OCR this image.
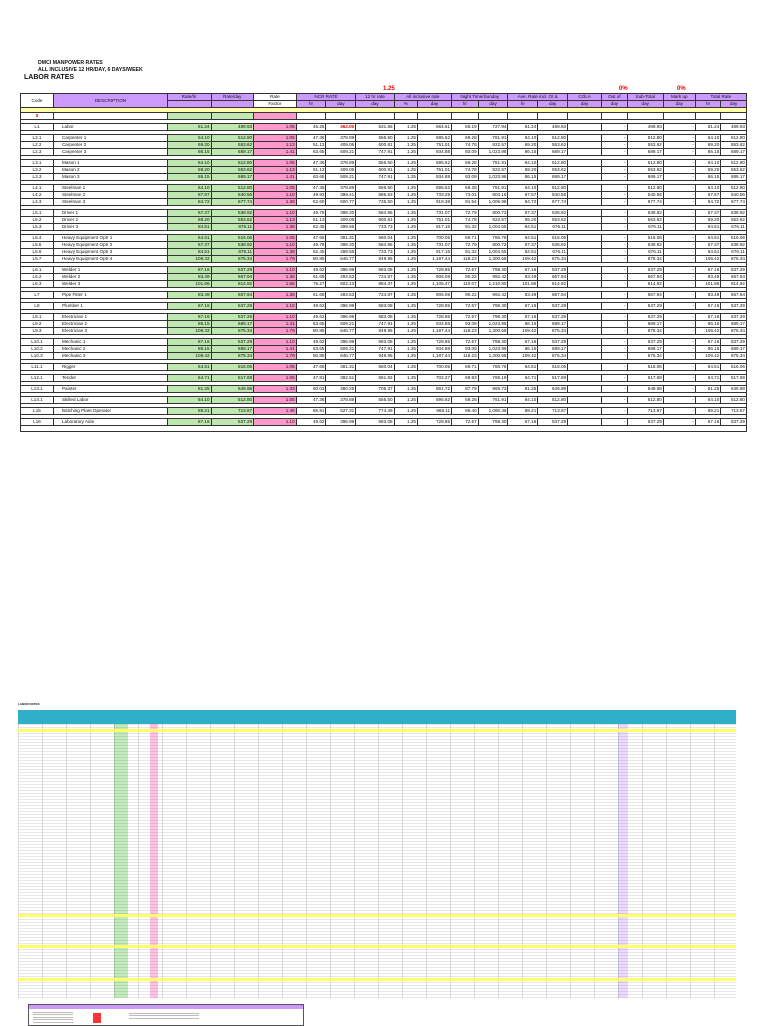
DMCI MANPOWER RATES
ALL INCLUSIVE 12 HR/DAY, 6 DAYS/WEEK
LABOR RATES
1.25	0%	0%
Code	DESCRIPTION	Rate/hr	Rate/day	Rate	NCR RATE		12 hr rate	All inclusive rate		Night Time/Sunday		Ave. Rate incl. Ot &		COLA	Out of	Sub-Total	Mark up	Total Rate	
				Factor	hr	day	day	%	day	hr	day	hr	day	day	day	day	day	hr	day

0																			

L1	Labor	61.24	489.93	1.05	45.25	362.00	531.68	1.25	664.61	66.19	727.94	61.24	489.93		-	489.93	-	61.24	489.93

L2.1	Carpenter 1	64.10	512.80	1.05	47.36	378.89	556.50	1.25	695.62	69.28	761.91	64.10	512.80		-	512.80	-	64.10	512.80
L2.2	Carpenter 2	69.20	553.62	1.13	51.13	409.06	600.81	1.25	751.01	74.78	822.57	69.20	553.62		-	553.62	-	69.20	553.62
L2.3	Carpenter 3	86.15	689.17	1.41	63.65	509.21	747.91	1.25	934.88	93.09	1,023.96	86.15	689.17		-	689.17	-	86.15	689.17

L3.1	Mason 1	64.10	512.80	1.05	47.36	378.89	556.50	1.25	695.62	69.28	761.91	64.10	512.80		-	512.80	-	64.10	512.80
L3.2	Mason 2	69.20	553.62	1.13	51.13	409.06	600.81	1.25	751.01	74.78	822.57	69.20	553.62		-	553.62	-	69.20	553.62
L3.3	Mason 3	86.15	689.17	1.41	63.65	509.21	747.91	1.25	934.88	93.09	1,023.96	86.15	689.17		-	689.17	-	86.15	689.17

L4.1	Steelman 1	64.10	512.80	1.05	47.36	378.89	556.50	1.25	695.62	69.28	761.91	64.10	512.80		-	512.80	-	64.10	512.80
L4.2	Steelman 2	67.57	540.56	1.10	49.93	399.41	586.63	1.25	733.29	73.01	803.16	67.57	540.56		-	540.56	-	67.57	540.56
L4.3	Steelman 3	84.72	677.74	1.38	62.60	500.77	735.50	1.25	919.38	91.54	1,006.98	84.72	677.74		-	677.74	-	84.72	677.74

L5.1	Driver 1	67.37	538.92	1.10	49.78	398.20	584.85	1.25	731.07	72.79	800.73	67.37	538.92		-	538.92	-	67.37	538.92
L5.2	Driver 2	69.20	553.62	1.13	51.13	409.06	600.81	1.25	751.01	74.78	822.57	69.20	553.62		-	553.62	-	69.20	553.62
L5.3	Driver 3	84.51	676.11	1.38	62.45	499.56	733.73	1.25	917.16	91.32	1,004.55	84.51	676.11		-	676.11	-	84.51	676.11

L5.4	Heavy Equipment Optr 1	64.51	516.06	1.05	47.66	381.31	560.04	1.25	700.05	69.71	766.76	64.51	516.06		-	516.06	-	64.51	516.06
L5.5	Heavy Equipment Optr 2	67.37	538.92	1.10	49.78	398.20	584.85	1.25	731.07	72.79	800.73	67.37	538.92		-	538.92	-	67.37	538.92
L5.6	Heavy Equipment Optr 3	84.51	676.11	1.38	62.45	499.56	733.73	1.25	917.16	91.32	1,004.55	84.51	676.11		-	676.11	-	84.51	676.11
L5.7	Heavy Equipment Optr 4	109.42	875.34	1.79	80.85	646.77	949.95	1.25	1,187.44	118.23	1,300.58	109.42	875.34		-	875.34	-	109.42	875.34

L6.1	Welder 1	67.16	537.29	1.10	49.62	396.99	583.08	1.25	728.85	72.57	798.30	67.16	537.29		-	537.29	-	67.16	537.29
L6.2	Welder 2	83.49	667.94	1.36	61.69	493.53	724.87	1.25	906.08	90.22	992.42	83.49	667.94		-	667.94	-	83.49	667.94
L6.3	Welder 3	101.86	814.92	1.66	75.27	602.13	884.37	1.25	1,105.47	110.07	1,210.80	101.86	814.92		-	814.92	-	101.86	814.92

L7	Pipe Fitter 1	83.49	667.94	1.36	61.69	493.53	724.87	1.25	906.08	90.22	992.42	83.49	667.94		-	667.94	-	83.49	667.94

L8	Plumber 1	67.16	537.29	1.10	49.62	396.99	583.08	1.25	728.85	72.57	798.30	67.16	537.29		-	537.29	-	67.16	537.29

L9.1	Electrician 1	67.16	537.29	1.10	49.62	396.99	583.08	1.25	728.85	72.57	798.30	67.16	537.29		-	537.29	-	67.16	537.29
L9.2	Electrician 2	86.15	689.17	1.41	63.65	509.21	747.91	1.25	934.88	93.09	1,023.96	86.15	689.17		-	689.17	-	86.15	689.17
L9.3	Electrician 3	109.42	875.34	1.79	80.85	646.77	949.95	1.25	1,187.44	118.23	1,300.58	109.42	875.34		-	875.34	-	109.42	875.34

L10.1	Mechanic 1	67.16	537.29	1.10	49.62	396.99	583.08	1.25	728.85	72.57	798.30	67.16	537.29		-	537.29	-	67.16	537.29
L10.2	Mechanic 2	86.15	689.17	1.41	63.65	509.21	747.91	1.25	934.88	93.09	1,023.96	86.15	689.17		-	689.17	-	86.15	689.17
L10.3	Mechanic 3	109.42	875.34	1.79	80.85	646.77	949.95	1.25	1,187.44	118.23	1,300.58	109.42	875.34		-	875.34	-	109.42	875.34

L11.1	Rigger	64.51	516.06	1.05	47.66	381.31	560.04	1.25	700.05	69.71	766.76	64.51	516.06		-	516.06	-	64.51	516.06

L12.1	Tender	64.71	517.69	1.06	47.81	382.51	561.82	1.25	702.27	69.93	769.19	64.71	517.69		-	517.69	-	64.71	517.69

L13.1	Painter	81.25	649.98	1.33	60.03	480.25	705.37	1.25	881.72	87.79	965.73	81.25	649.98		-	649.98	-	81.25	649.98

L14.1	Skilled Labor	64.10	512.80	1.05	47.36	378.89	556.50	1.25	695.62	69.28	761.91	64.10	512.80		-	512.80	-	64.10	512.80

L15	Batching Plant Operator	89.21	713.67	1.46	65.91	527.31	774.49	1.25	968.11	96.40	1,060.36	89.21	713.67		-	713.67	-	89.21	713.67

L16	Laboratory Aide	67.16	537.29	1.10	49.62	396.99	583.08	1.25	728.85	72.57	798.30	67.16	537.29		-	537.29	-	67.16	537.29

LABOR RATES
